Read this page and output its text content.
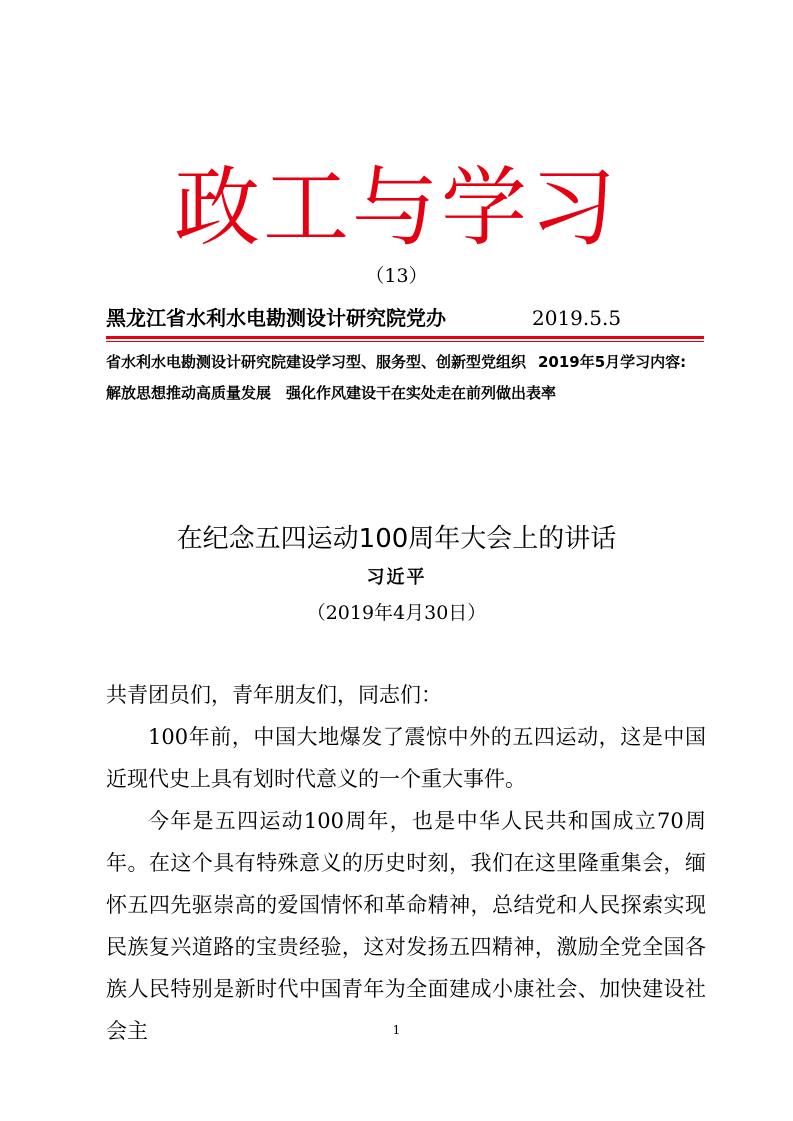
政工与学习
（13）
黑龙江省水利水电勘测设计研究院党办	2019.5.5
省水利水电勘测设计研究院建设学习型、服务型、创新型党组织 2019年5月学习内容:
解放思想推动高质量发展　强化作风建设干在实处走在前列做出表率
在纪念五四运动100周年大会上的讲话
习近平
（2019年4月30日）

共青团员们，青年朋友们，同志们：

100年前，中国大地爆发了震惊中外的五四运动，这是中国近现代史上具有划时代意义的一个重大事件。

今年是五四运动100周年，也是中华人民共和国成立70周年。在这个具有特殊意义的历史时刻，我们在这里隆重集会，缅怀五四先驱崇高的爱国情怀和革命精神，总结党和人民探索实现民族复兴道路的宝贵经验，这对发扬五四精神，激励全党全国各族人民特别是新时代中国青年为全面建成小康社会、加快建设社会主	1
